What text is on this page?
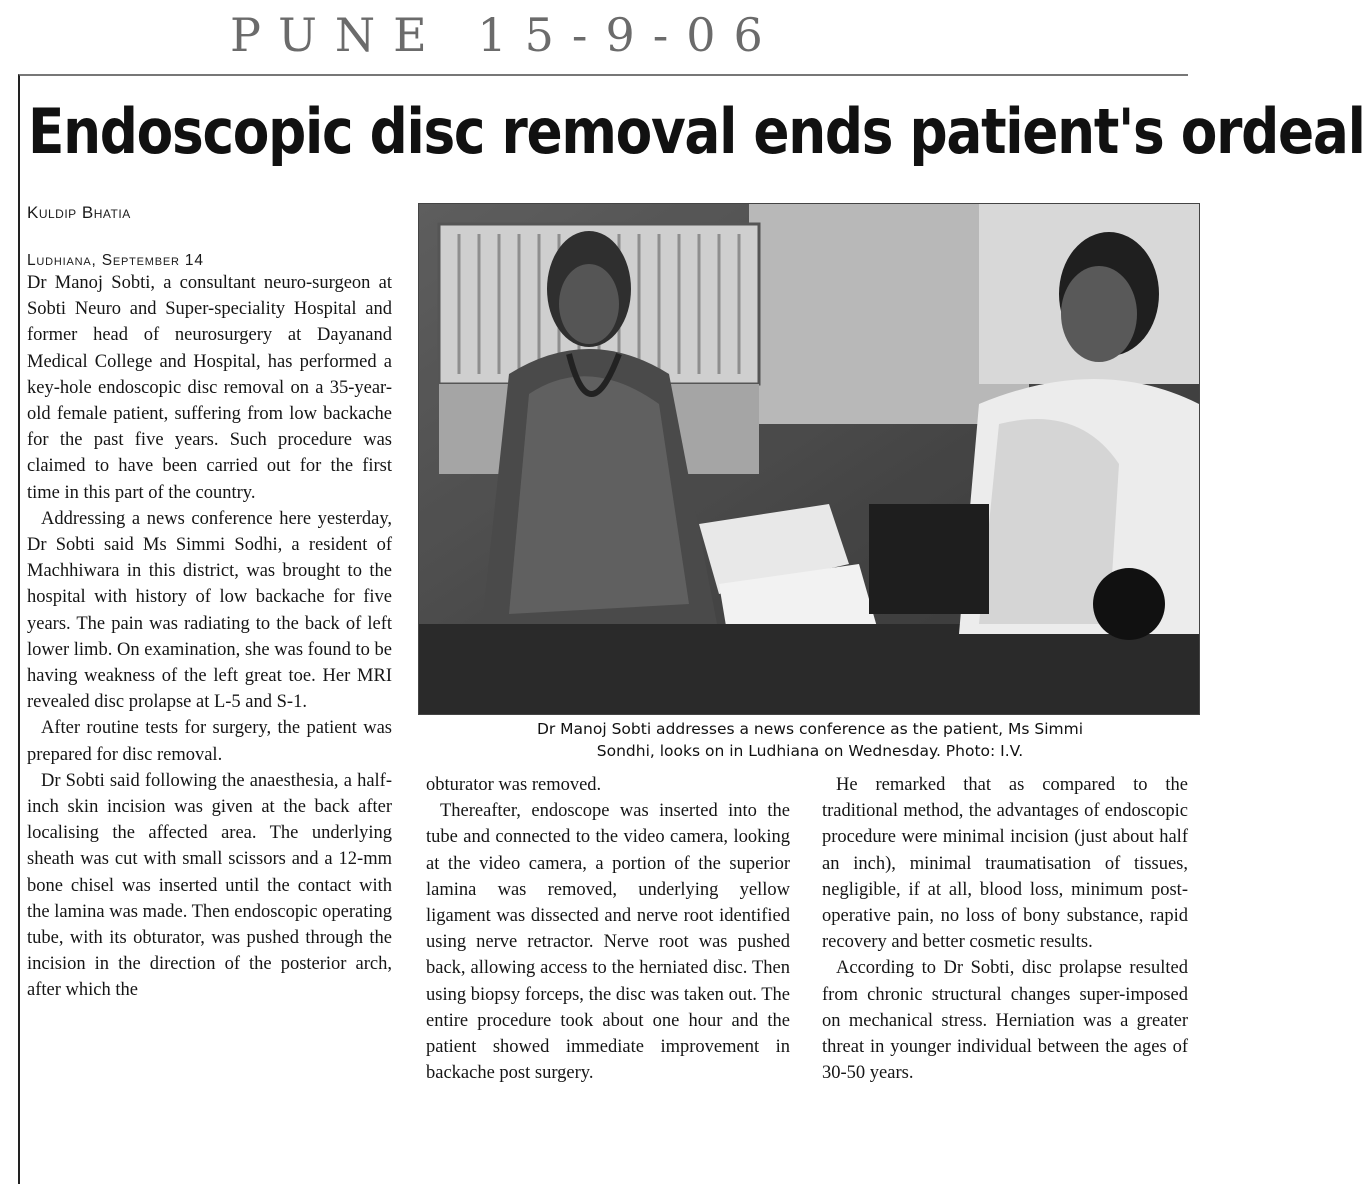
PUNE 15-9-06
Endoscopic disc removal ends patient's ordeal
Kuldip Bhatia
Ludhiana, September 14

Dr Manoj Sobti, a consultant neuro-surgeon at Sobti Neuro and Super-speciality Hospital and former head of neurosurgery at Dayanand Medical College and Hospital, has performed a key-hole endoscopic disc removal on a 35-year-old female patient, suffering from low backache for the past five years. Such procedure was claimed to have been carried out for the first time in this part of the country.

Addressing a news conference here yesterday, Dr Sobti said Ms Simmi Sodhi, a resident of Machhiwara in this district, was brought to the hospital with history of low backache for five years. The pain was radiating to the back of left lower limb. On examination, she was found to be having weakness of the left great toe. Her MRI revealed disc prolapse at L-5 and S-1.

After routine tests for surgery, the patient was prepared for disc removal.

Dr Sobti said following the anaesthesia, a half-inch skin incision was given at the back after localising the affected area. The underlying sheath was cut with small scissors and a 12-mm bone chisel was inserted until the contact with the lamina was made. Then endoscopic operating tube, with its obturator, was pushed through the incision in the direction of the posterior arch, after which the

Dr Manoj Sobti addresses a news conference as the patient, Ms Simmi
Sondhi, looks on in Ludhiana on Wednesday. Photo: I.V.

obturator was removed.

Thereafter, endoscope was inserted into the tube and connected to the video camera, looking at the video camera, a portion of the superior lamina was removed, underlying yellow ligament was dissected and nerve root identified using nerve retractor. Nerve root was pushed back, allowing access to the herniated disc. Then using biopsy forceps, the disc was taken out. The entire procedure took about one hour and the patient showed immediate improvement in backache post surgery.

He remarked that as compared to the traditional method, the advantages of endoscopic procedure were minimal incision (just about half an inch), minimal traumatisation of tissues, negligible, if at all, blood loss, minimum post-operative pain, no loss of bony substance, rapid recovery and better cosmetic results.

According to Dr Sobti, disc prolapse resulted from chronic structural changes super-imposed on mechanical stress. Herniation was a greater threat in younger individual between the ages of 30-50 years.
